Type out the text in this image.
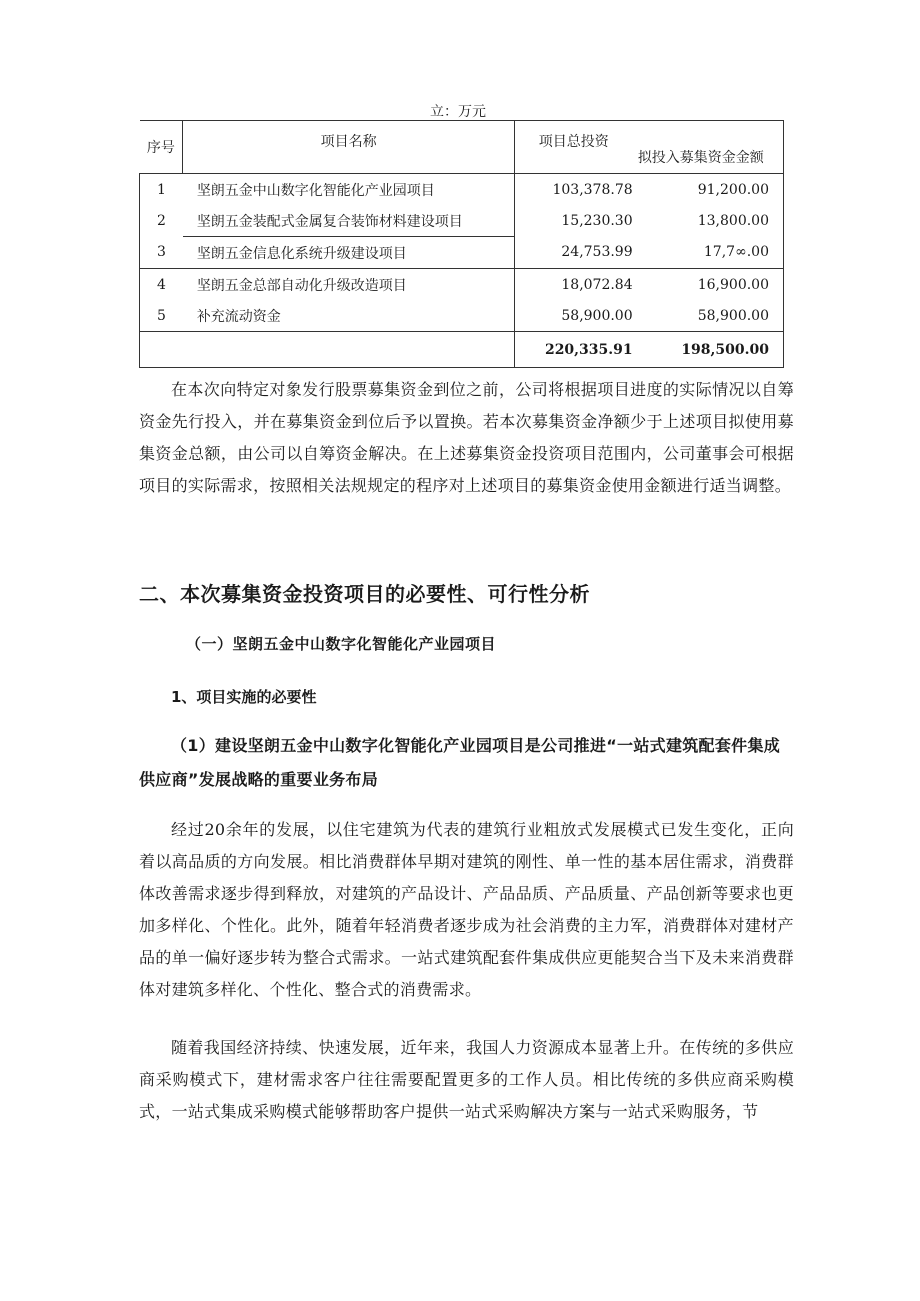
立：万元
序号	项目名称	项目总投资	拟投入募集资金金额
1	坚朗五金中山数字化智能化产业园项目	103,378.78	91,200.00
2	坚朗五金装配式金属复合装饰材料建设项目	15,230.30	13,800.00
3	坚朗五金信息化系统升级建设项目	24,753.99	17,7∞.00
4	坚朗五金总部自动化升级改造项目	18,072.84	16,900.00
5	补充流动资金	58,900.00	58,900.00
		220,335.91	198,500.00

在本次向特定对象发行股票募集资金到位之前，公司将根据项目进度的实际情况以自筹资金先行投入，并在募集资金到位后予以置换。若本次募集资金净额少于上述项目拟使用募集资金总额，由公司以自筹资金解决。在上述募集资金投资项目范围内，公司董事会可根据项目的实际需求，按照相关法规规定的程序对上述项目的募集资金使用金额进行适当调整。

二、本次募集资金投资项目的必要性、可行性分析
（一）坚朗五金中山数字化智能化产业园项目
1、项目实施的必要性

（1）建设坚朗五金中山数字化智能化产业园项目是公司推进“一站式建筑配套件集成供应商”发展战略的重要业务布局

经过20余年的发展，以住宅建筑为代表的建筑行业粗放式发展模式已发生变化，正向着以高品质的方向发展。相比消费群体早期对建筑的刚性、单一性的基本居住需求，消费群体改善需求逐步得到释放，对建筑的产品设计、产品品质、产品质量、产品创新等要求也更加多样化、个性化。此外，随着年轻消费者逐步成为社会消费的主力军，消费群体对建材产品的单一偏好逐步转为整合式需求。一站式建筑配套件集成供应更能契合当下及未来消费群体对建筑多样化、个性化、整合式的消费需求。

随着我国经济持续、快速发展，近年来，我国人力资源成本显著上升。在传统的多供应商采购模式下，建材需求客户往往需要配置更多的工作人员。相比传统的多供应商采购模式，一站式集成采购模式能够帮助客户提供一站式采购解决方案与一站式采购服务，节
